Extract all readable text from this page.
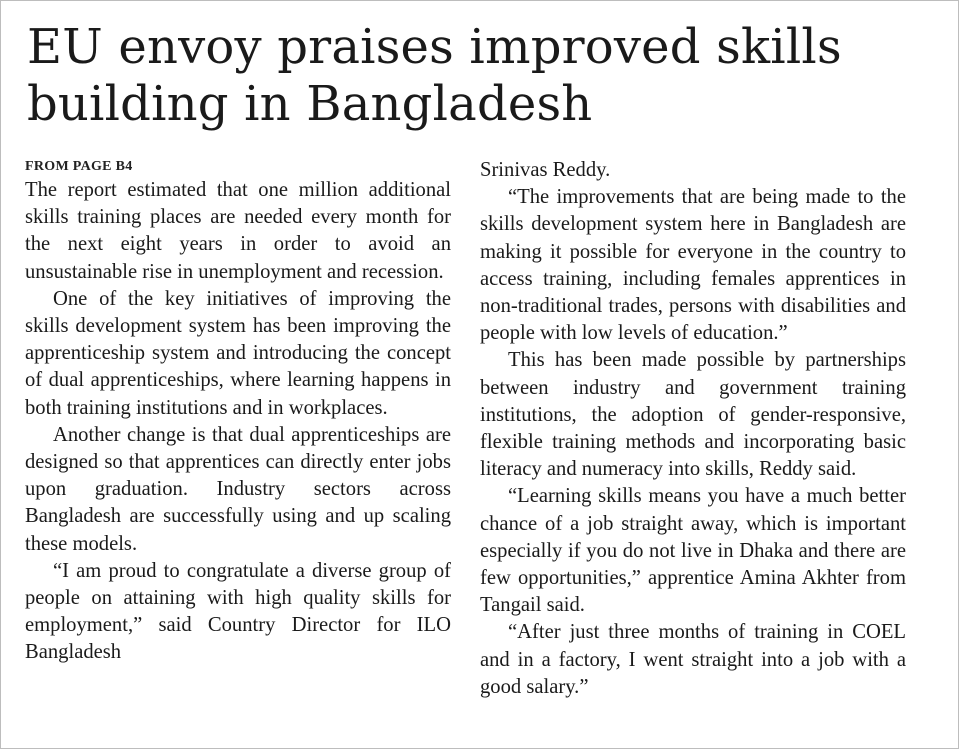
EU envoy praises improved skills building in Bangladesh

FROM PAGE B4

The report estimated that one million additional skills training places are needed every month for the next eight years in order to avoid an unsustainable rise in unemployment and recession.

One of the key initiatives of improving the skills development system has been improving the apprenticeship system and introducing the concept of dual apprenticeships, where learning happens in both training institutions and in workplaces.

Another change is that dual apprenticeships are designed so that apprentices can directly enter jobs upon graduation. Industry sectors across Bangladesh are successfully using and up scaling these models.

“I am proud to congratulate a diverse group of people on attaining with high quality skills for employment,” said Country Director for ILO Bangladesh

Srinivas Reddy.

“The improvements that are being made to the skills development system here in Bangladesh are making it possible for everyone in the country to access training, including females apprentices in non-traditional trades, persons with disabilities and people with low levels of education.”

This has been made possible by partnerships between industry and government training institutions, the adoption of gender-responsive, flexible training methods and incorporating basic literacy and numeracy into skills, Reddy said.

“Learning skills means you have a much better chance of a job straight away, which is important especially if you do not live in Dhaka and there are few opportunities,” apprentice Amina Akhter from Tangail said.

“After just three months of training in COEL and in a factory, I went straight into a job with a good salary.”
